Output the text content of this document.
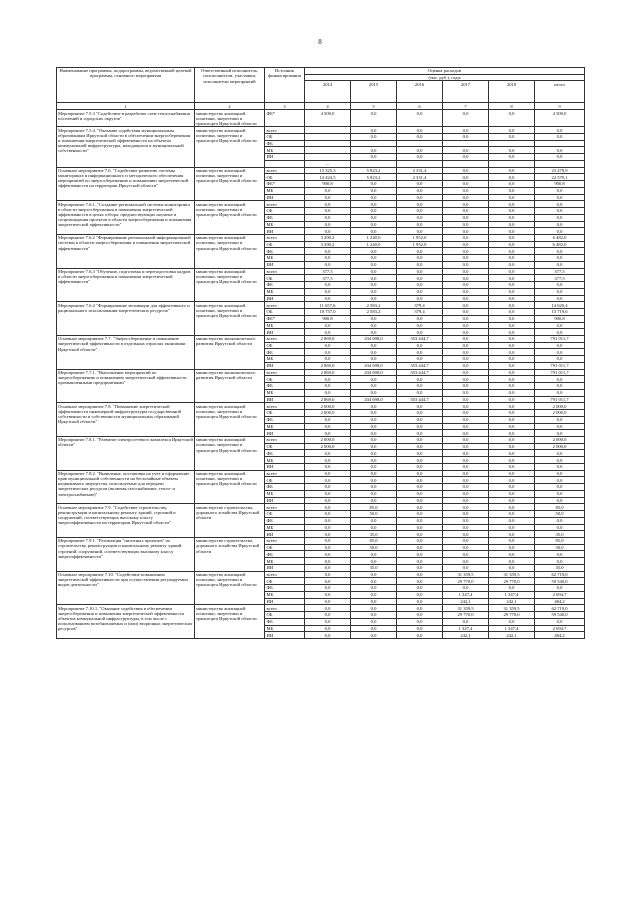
8
Наименование программы, подпрограммы, ведомственной целевой программы, основного мероприятия	Ответственный исполнитель, соисполнители, участники, исполнители мероприятий	Источник финансирования	Оценка расходов					

			(тыс. руб.), годы					
			2014	2015	2016	2017	2018	итого
1	2	3	4	5	6	7	8	9
Мероприятие 7.5.3 "Содействие в разработке схем теплоснабжения поселений и городских округов"	министерство жилищной политики, энергетики и транспорта Иркутской области	ФБ*	4 500,0	0,0	0,0	0,0	0,0	4 500,0
Мероприятие 7.5.4. "Оказание содействия муниципальным образованиям Иркутской области в обеспечении энергосбережения и повышения энергетической эффективности на объектах коммунальной инфраструктуры, находящихся в муниципальной собственности"	министерство жилищной политики, энергетики и транспорта Иркутской области	всего		0,0	0,0	0,0	0,0	0,0
		ОБ		0,0	0,0	0,0	0,0	0,0
		ФБ						
		МБ		0,0	0,0	0,0	0,0	0,0
		ИИ		0,0	0,0	0,0	0,0	0,0
			–					
Основное мероприятие 7.6. "Содействие развитию системы мониторинга и информационного и методического обеспечения мероприятий по энергосбережению и повышению энергетической эффективности на территории Иркутской области"	министерство жилищной политики, энергетики и транспорта Иркутской области	всего	15 325,3	5 823,2	2 331,4	0,0	0,0	23 479,9
		ОБ	14 424,5	5 823,2	2 331,4	0,0	0,0	22 579,1
		ФБ*	900,8	0,0	0,0	0,0	0,0	900,8
		МБ	0,0	0,0	0,0	0,0	0,0	0,0
		ИИ	0,0	0,0	0,0	0,0	0,0	0,0
Мероприятие 7.6.1. "Создание региональной системы мониторинга в области энергосбережения и повышения энергетической эффективности в целях отбора, предшествующих ноумене и сопровождения проектов в области энергосбережения и повышения энергетической эффективности"	министерство жилищной политики, энергетики и транспорта Иркутской области	всего	0,0	0,0	0,0	0,0	0,0	0,0
		ОБ	0,0	0,0	0,0	0,0	0,0	0,0
		ФБ	0,0	0,0	0,0	0,0	0,0	0,0
		МБ	0,0	0,0	0,0	0,0	0,0	0,0
		ИИ	0,0	0,0	0,0	0,0	0,0	0,0
Мероприятие 7.6.2 "Формирование региональной информационной системы в области энергосбережения и повышения энергетической эффективности"	министерство жилищной политики, энергетики и транспорта Иркутской области	всего	3 290,2	1 240,0	1 952,0	0,0	0,0	6 482,0
		ОБ	3 290,2	1 240,0	1 952,0	0,0	0,0	6 482,0
		ФБ	0,0	0,0	0,0	0,0	0,0	0,0
		МБ	0,0	0,0	0,0	0,0	0,0	0,0
		ИИ	0,0	0,0	0,0	0,0	0,0	0,0
Мероприятие 7.6.3 "Обучение, подготовка и переподготовка кадров в области энергосбережения и повышения энергетической эффективности"	министерство жилищной политики, энергетики и транспорта Иркутской области	всего	377,5	0,0	0,0	0,0	0,0	377,5
		ОБ	377,5	0,0	0,0	0,0	0,0	377,5
		ФБ	0,0	0,0	0,0	0,0	0,0	0,0
		МБ	0,0	0,0	0,0	0,0	0,0	0,0
		ИИ	0,0	0,0	0,0	0,0	0,0	0,0
Мероприятие 7.6.4 "Формирование мотивации для эффективного и рационального использования энергетических ресурсов"	министерство жилищной политики, энергетики и транспорта Иркутской области	всего	11 657,6	2 583,2	379,4	0,0	0,0	14 620,4
		ОБ	10 757,0	2 583,2	379,4	0,0	0,0	13 719,6
		ФБ*	900,8	0,0	0,0	0,0	0,0	900,8
		МБ	0,0	0,0	0,0	0,0	0,0	0,0
		ИИ	0,0	0,0	0,0	0,0	0,0	0,0
Основное мероприятие 7.7. "Энергосбережение и повышение энергетической эффективности в отдельных отраслях экономики Иркутской области"	министерство экономического развития Иркутской области	всего	2 869,0	434 698,0	353 444,7	0,0	0,0	791 011,7
		ОБ	0,0	0,0	0,0	0,0	0,0	0,0
		ФБ	0,0	0,0	0,0	0,0	0,0	0,0
		МБ	0,0	0,0	0,0	0,0	0,0	0,0
		ИИ	2 869,0	434 698,0	353 444,7	0,0	0,0	791 011,7
Мероприятие 7.7.1. "Выполнение мероприятий по энергосбережению и повышению энергетической эффективности промышленными предприятиями"	министерство экономического развития Иркутской области	всего	2 869,0	434 698,0	353 444,7	0,0	0,0	791 011,7
		ОБ	0,0	0,0	0,0	0,0	0,0	0,0
		ФБ	0,0	0,0	0,0	0,0	0,0	0,0
		МБ	0,0	0,0	0,0	0,0	0,0	0,0
		ИИ	2 869,0	434 698,0	353 444,7	0,0	0,0	791 011,7
Основное мероприятие 7.8. "Повышение энергетической эффективности инженерной инфраструктуры государственной собственности и собственности муниципальных образований Иркутской области"	министерство жилищной политики, энергетики и транспорта Иркутской области	всего	2 000,0	0,0	0,0	0,0	0,0	2 000,0
		ОБ	2 000,0	0,0	0,0	0,0	0,0	2 000,0
		ФБ	0,0	0,0	0,0	0,0	0,0	0,0
		МБ	0,0	0,0	0,0	0,0	0,0	0,0
		ИИ	0,0	0,0	0,0	0,0	0,0	0,0
Мероприятие 7.8.1. "Развитие электросетевого комплекса Иркутской области"	министерство жилищной политики, энергетики и транспорта Иркутской области	всего	2 000,0	0,0	0,0	0,0	0,0	2 000,0
		ОБ	2 000,0	0,0	0,0	0,0	0,0	2 000,0
		ФБ	0,0	0,0	0,0	0,0	0,0	0,0
		МБ	0,0	0,0	0,0	0,0	0,0	0,0
		ИИ	0,0	0,0	0,0	0,0	0,0	0,0
Мероприятие 7.8.2. "Выявление, постановка на учет и оформление прав муниципальной собственности на бесхозяйные объекты недвижимого имущества, используемые для передачи энергетических ресурсов (включая газоснабжение, тепло- и электроснабжение)"	министерство жилищной политики, энергетики и транспорта Иркутской области	всего	0,0	0,0	0,0	0,0	0,0	0,0
		ОБ	0,0	0,0	0,0	0,0	0,0	0,0
		ФБ	0,0	0,0	0,0	0,0	0,0	0,0
		МБ	0,0	0,0	0,0	0,0	0,0	0,0
		ИИ	0,0	0,0	0,0	0,0	0,0	0,0
Основное мероприятие 7.9. "Содействие строительству, реконструкции и капитальному ремонту зданий, строений и сооружений, соответствующих высокому классу энергоэффективности на территории Иркутской области"	министерство строительства, дорожного хозяйства Иркутской области	всего	0,0	85,0	0,0	0,0	0,0	85,0
		ОБ	0,0	50,0	0,0	0,0	0,0	50,0
		ФБ	0,0	0,0	0,0	0,0	0,0	0,0
		МБ	0,0	0,0	0,0	0,0	0,0	0,0
		ИИ	0,0	35,0	0,0	0,0	0,0	35,0
Мероприятие 7.9.1. "Реализация "пилотных проектов" по строительству, реконструкции и капитальному ремонту зданий, строений, сооружений, соответствующих высокому классу энергоэффективности"	министерство строительства, дорожного хозяйства Иркутской области	всего	0,0	85,0	0,0	0,0	0,0	85,0
		ОБ	0,0	50,0	0,0	0,0	0,0	50,0
		ФБ	0,0	0,0	0,0	0,0	0,0	0,0
		МБ	0,0	0,0	0,0	0,0	0,0	0,0
		ИИ	0,0	35,0	0,0	0,0	0,0	35,0
Основное мероприятие 7.10. "Содействие повышению энергетической эффективности при осуществлении регулируемых видов деятельности"	министерство жилищной политики, энергетики и транспорта Иркутской области	всего	0,0	0,0	0,0	31 359,5	31 359,5	62 719,0
		ОБ	0,0	0,0	0,0	29 770,0	29 770,0	59 540,0
		ФБ	0,0	0,0	0,0	0,0	0,0	0,0
		МБ	0,0	0,0	0,0	1 347,4	1 347,4	2 694,7
		ИИ	0,0	0,0	0,0	242,1	242,1	484,2
Мероприятие 7.10.1. "Оказание содействия в обеспечении энергосбережения и повышения энергетической эффективности объектов коммунальной инфраструктуры, в том числе с использованием возобновляемых и (или) вторичных энергетических ресурсов"	министерство жилищной политики, энергетики и транспорта Иркутской области	всего	0,0	0,0	0,0	31 359,5	31 359,5	62 719,0
		ОБ	0,0	0,0	0,0	29 770,0	29 770,0	59 540,0
		ФБ	0,0	0,0	0,0	0,0	0,0	0,0
		МБ	0,0	0,0	0,0	1 347,4	1 347,4	2 694,7
		ИИ	0,0	0,0	0,0	242,1	242,1	484,2
